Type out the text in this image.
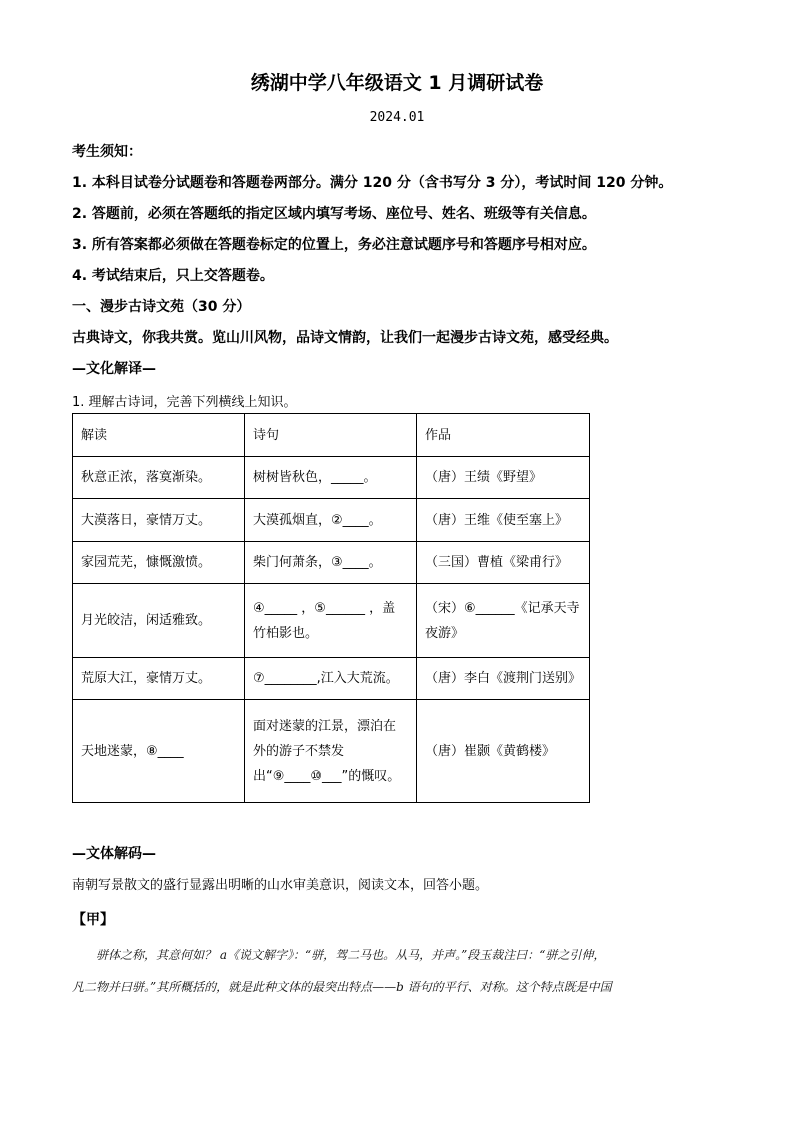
绣湖中学八年级语文 1 月调研试卷
2024.01
考生须知：
1. 本科目试卷分试题卷和答题卷两部分。满分 120 分（含书写分 3 分），考试时间 120 分钟。
2. 答题前，必须在答题纸的指定区域内填写考场、座位号、姓名、班级等有关信息。
3. 所有答案都必须做在答题卷标定的位置上，务必注意试题序号和答题序号相对应。
4. 考试结束后，只上交答题卷。
一、漫步古诗文苑（30 分）
古典诗文，你我共赏。览山川风物，品诗文情韵，让我们一起漫步古诗文苑，感受经典。
—文化解译—
1. 理解古诗词，完善下列横线上知识。
解读	诗句	作品
秋意正浓，落寞渐染。	树树皆秋色，_____。	（唐）王绩《野望》
大漠落日，豪情万丈。	大漠孤烟直，②____。	（唐）王维《使至塞上》
家园荒芜，慷慨激愤。	柴门何萧条，③____。	（三国）曹植《梁甫行》
月光皎洁，闲适雅致。	④_____ ，⑤______ ，盖竹柏影也。	（宋）⑥______《记承天寺夜游》
荒原大江，豪情万丈。	⑦________,江入大荒流。	（唐）李白《渡荆门送别》
天地迷蒙，⑧____	面对迷蒙的江景，漂泊在外的游子不禁发出“⑨____⑩___”的慨叹。	（唐）崔颢《黄鹤楼》
—文体解码—
南朝写景散文的盛行显露出明晰的山水审美意识，阅读文本，回答小题。
【甲】
骈体之称，其意何如？ a《说文解字》：“骈，驾二马也。从马，并声。”段玉裁注曰：“骈之引伸，
凡二物并曰骈。”其所概括的，就是此种文体的最突出特点——b 语句的平行、对称。这个特点既是中国
